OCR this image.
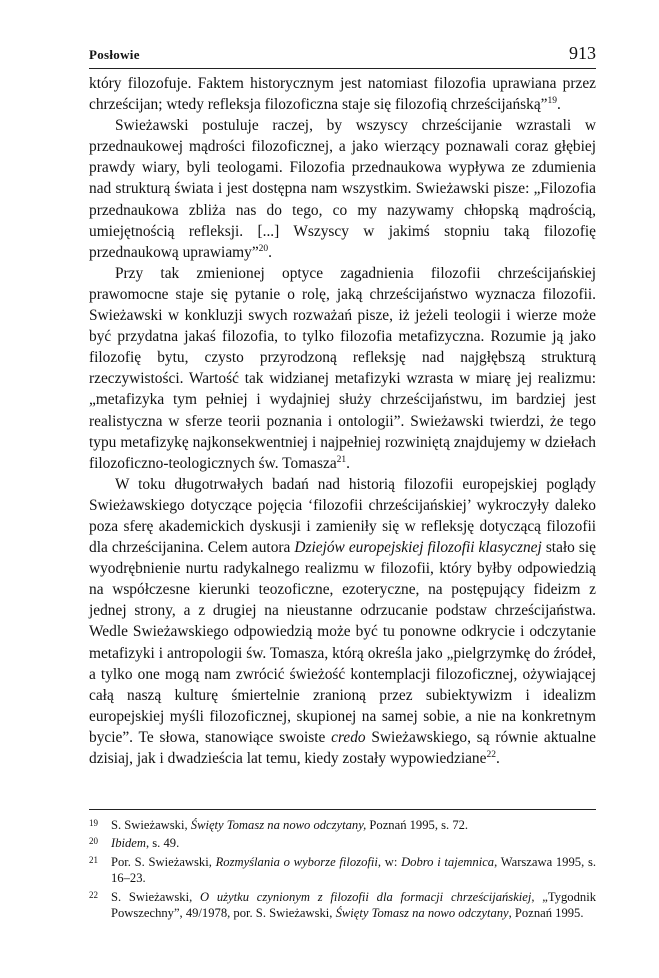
Posłowie	913

który filozofuje. Faktem historycznym jest natomiast filozofia uprawiana przez chrześcijan; wtedy refleksja filozoficzna staje się filozofią chrześcijańską”$^{19}$.

Swieżawski postuluje raczej, by wszyscy chrześcijanie wzrastali w przednaukowej mądrości filozoficznej, a jako wierzący poznawali coraz głębiej prawdy wiary, byli teologami. Filozofia przednaukowa wypływa ze zdumienia nad strukturą świata i jest dostępna nam wszystkim. Swieżawski pisze: „Filozofia przednaukowa zbliża nas do tego, co my nazywamy chłopską mądrością, umiejętnością refleksji. [...] Wszyscy w jakimś stopniu taką filozofię przednaukową uprawiamy”$^{20}$.

Przy tak zmienionej optyce zagadnienia filozofii chrześcijańskiej prawomocne staje się pytanie o rolę, jaką chrześcijaństwo wyznacza filozofii. Swieżawski w konkluzji swych rozważań pisze, iż jeżeli teologii i wierze może być przydatna jakaś filozofia, to tylko filozofia metafizyczna. Rozumie ją jako filozofię bytu, czysto przyrodzoną refleksję nad najgłębszą strukturą rzeczywistości. Wartość tak widzianej metafizyki wzrasta w miarę jej realizmu: „metafizyka tym pełniej i wydajniej służy chrześcijaństwu, im bardziej jest realistyczna w sferze teorii poznania i ontologii”. Swieżawski twierdzi, że tego typu metafizykę najkonsekwentniej i najpełniej rozwiniętą znajdujemy w dziełach filozoficzno-teologicznych św. Tomasza$^{21}$.

W toku długotrwałych badań nad historią filozofii europejskiej poglądy Swieżawskiego dotyczące pojęcia ‘filozofii chrześcijańskiej’ wykroczyły daleko poza sferę akademickich dyskusji i zamieniły się w refleksję dotyczącą filozofii dla chrześcijanina. Celem autora Dziejów europejskiej filozofii klasycznej stało się wyodrębnienie nurtu radykalnego realizmu w filozofii, który byłby odpowiedzią na współczesne kierunki teozoficzne, ezoteryczne, na postępujący fideizm z jednej strony, a z drugiej na nieustanne odrzucanie podstaw chrześcijaństwa. Wedle Swieżawskiego odpowiedzią może być tu ponowne odkrycie i odczytanie metafizyki i antropologii św. Tomasza, którą określa jako „pielgrzymkę do źródeł, a tylko one mogą nam zwrócić świeżość kontemplacji filozoficznej, ożywiającej całą naszą kulturę śmiertelnie zranioną przez subiektywizm i idealizm europejskiej myśli filozoficznej, skupionej na samej sobie, a nie na konkretnym bycie”. Te słowa, stanowiące swoiste credo Swieżawskiego, są równie aktualne dzisiaj, jak i dwadzieścia lat temu, kiedy zostały wypowiedziane$^{22}$.

19	S. Swieżawski, Święty Tomasz na nowo odczytany, Poznań 1995, s. 72.
20	Ibidem, s. 49.
21	Por. S. Swieżawski, Rozmyślania o wyborze filozofii, w: Dobro i tajemnica, Warszawa 1995, s. 16–23.
22	S. Swieżawski, O użytku czynionym z filozofii dla formacji chrześcijańskiej, „Tygodnik Powszechny”, 49/1978, por. S. Swieżawski, Święty Tomasz na nowo odczytany, Poznań 1995.
